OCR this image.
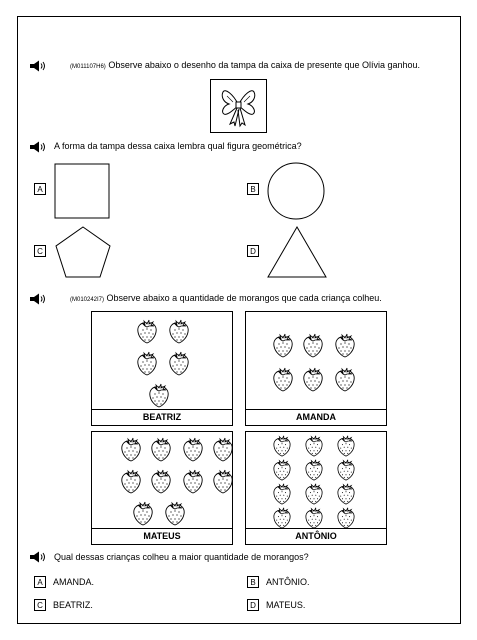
(M011107H6) Observe abaixo o desenho da tampa da caixa de presente que Olívia ganhou.
A forma da tampa dessa caixa lembra qual figura geométrica?
A	B
C	D
(M010242I7) Observe abaixo a quantidade de morangos que cada criança colheu.
BEATRIZ	AMANDA
MATEUS	ANTÔNIO
Qual dessas crianças colheu a maior quantidade de morangos?
A	AMANDA.	B	ANTÔNIO.
C	BEATRIZ.	D	MATEUS.
